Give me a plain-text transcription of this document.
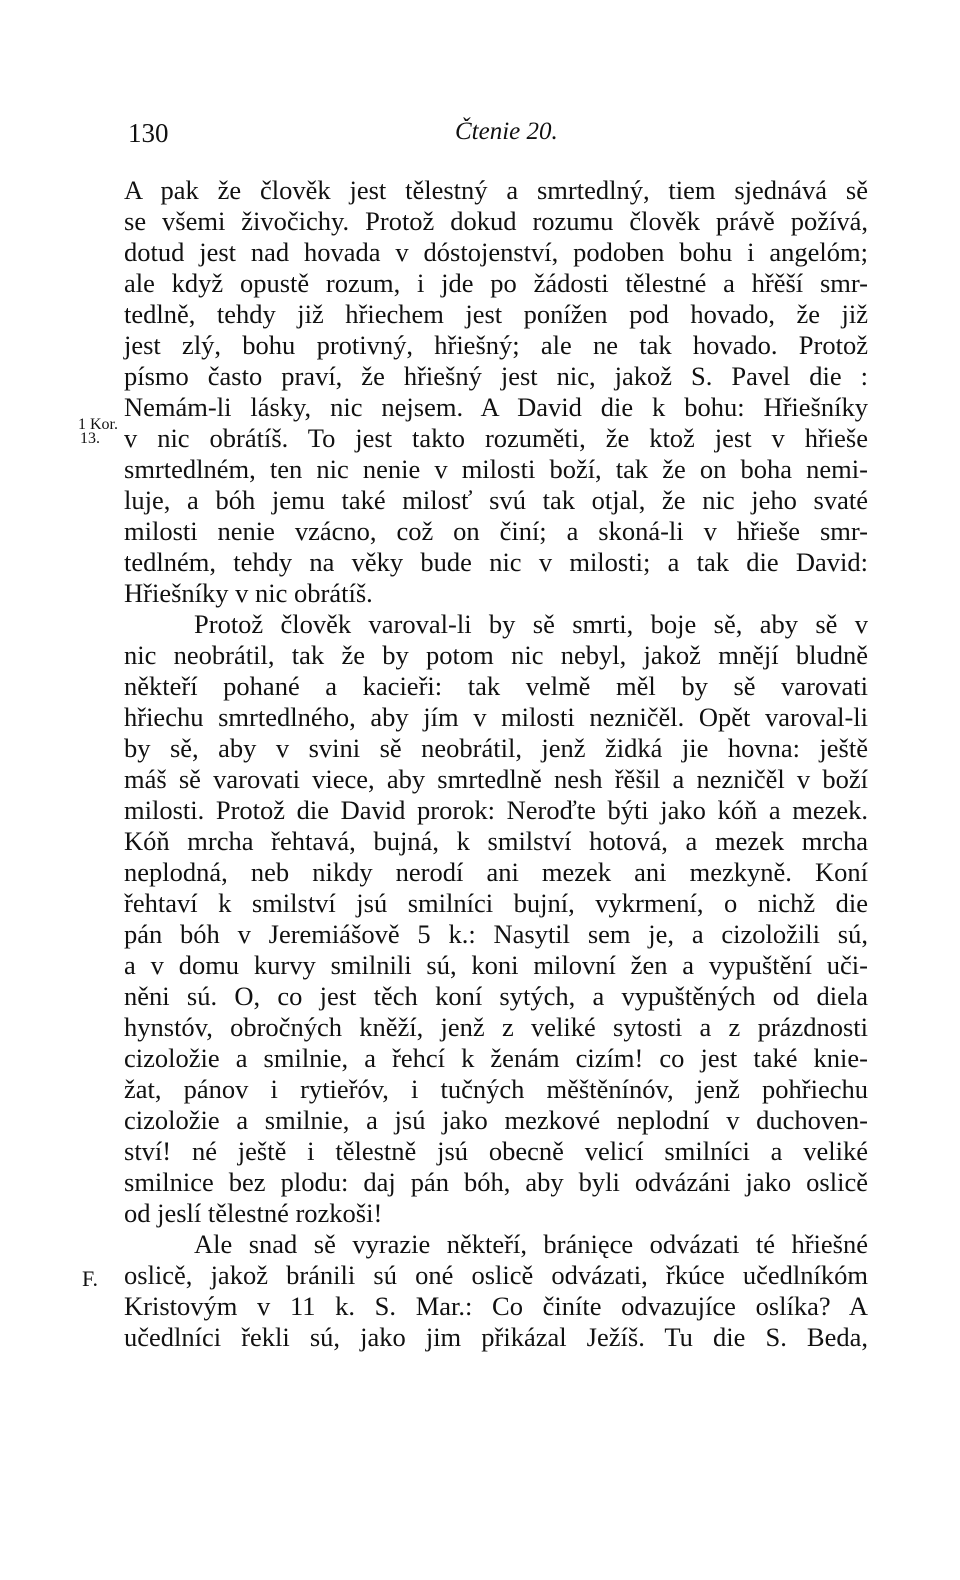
130	Čtenie 20.
1 Kor.
13.
F.
A pak že člověk jest tělestný a smrtedlný, tiem sjednává sě
se všemi živočichy. Protož dokud rozumu člověk právě požívá,
dotud jest nad hovada v dóstojenství, podoben bohu i angelóm;
ale když opustě rozum, i jde po žádosti tělestné a hřěší smr-
tedlně, tehdy již hřiechem jest ponížen pod hovado, že již
jest zlý, bohu protivný, hřiešný; ale ne tak hovado. Protož
písmo často praví, že hřiešný jest nic, jakož S. Pavel die :
Nemám-li lásky, nic nejsem. A David die k bohu: Hřiešníky
v nic obrátíš. To jest takto rozuměti, že ktož jest v hřieše
smrtedlném, ten nic nenie v milosti boží, tak že on boha nemi-
luje, a bóh jemu také milosť svú tak otjal, že nic jeho svaté
milosti nenie vzácno, což on činí; a skoná-li v hřieše smr-
tedlném, tehdy na věky bude nic v milosti; a tak die David:
Hřiešníky v nic obrátíš.
Protož člověk varoval-li by sě smrti, boje sě, aby sě v
nic neobrátil, tak že by potom nic nebyl, jakož mnějí bludně
někteří pohané a kacieři: tak velmě měl by sě varovati
hřiechu smrtedlného, aby jím v milosti nezničěl. Opět varoval-li
by sě, aby v svini sě neobrátil, jenž židká jie hovna: ještě
máš sě varovati viece, aby smrtedlně nesh řěšil a nezničěl v boží
milosti. Protož die David prorok: Neroďte býti jako kóň a mezek.
Kóň mrcha řehtavá, bujná, k smilství hotová, a mezek mrcha
neplodná, neb nikdy nerodí ani mezek ani mezkyně. Koní
řehtaví k smilství jsú smilníci bujní, vykrmení, o nichž die
pán bóh v Jeremiášově 5 k.: Nasytil sem je, a cizoložili sú,
a v domu kurvy smilnili sú, koni milovní žen a vypuštění uči-
něni sú. O, co jest těch koní sytých, a vypuštěných od diela
hynstóv, obročných kněží, jenž z veliké sytosti a z prázdnosti
cizoložie a smilnie, a řehcí k ženám cizím! co jest také knie-
žat, pánov i rytieřóv, i tučných měštěnínóv, jenž pohřiechu
cizoložie a smilnie, a jsú jako mezkové neplodní v duchoven-
ství! né ještě i tělestně jsú obecně velicí smilníci a veliké
smilnice bez plodu: daj pán bóh, aby byli odvázáni jako oslicě
od jeslí tělestné rozkoši!
Ale snad sě vyrazie někteří, bránięce odvázati té hřiešné
oslicě, jakož bránili sú oné oslicě odvázati, řkúce učedlníkóm
Kristovým v 11 k. S. Mar.: Co činíte odvazujíce oslíka? A
učedlníci řekli sú, jako jim přikázal Ježíš. Tu die S. Beda,
